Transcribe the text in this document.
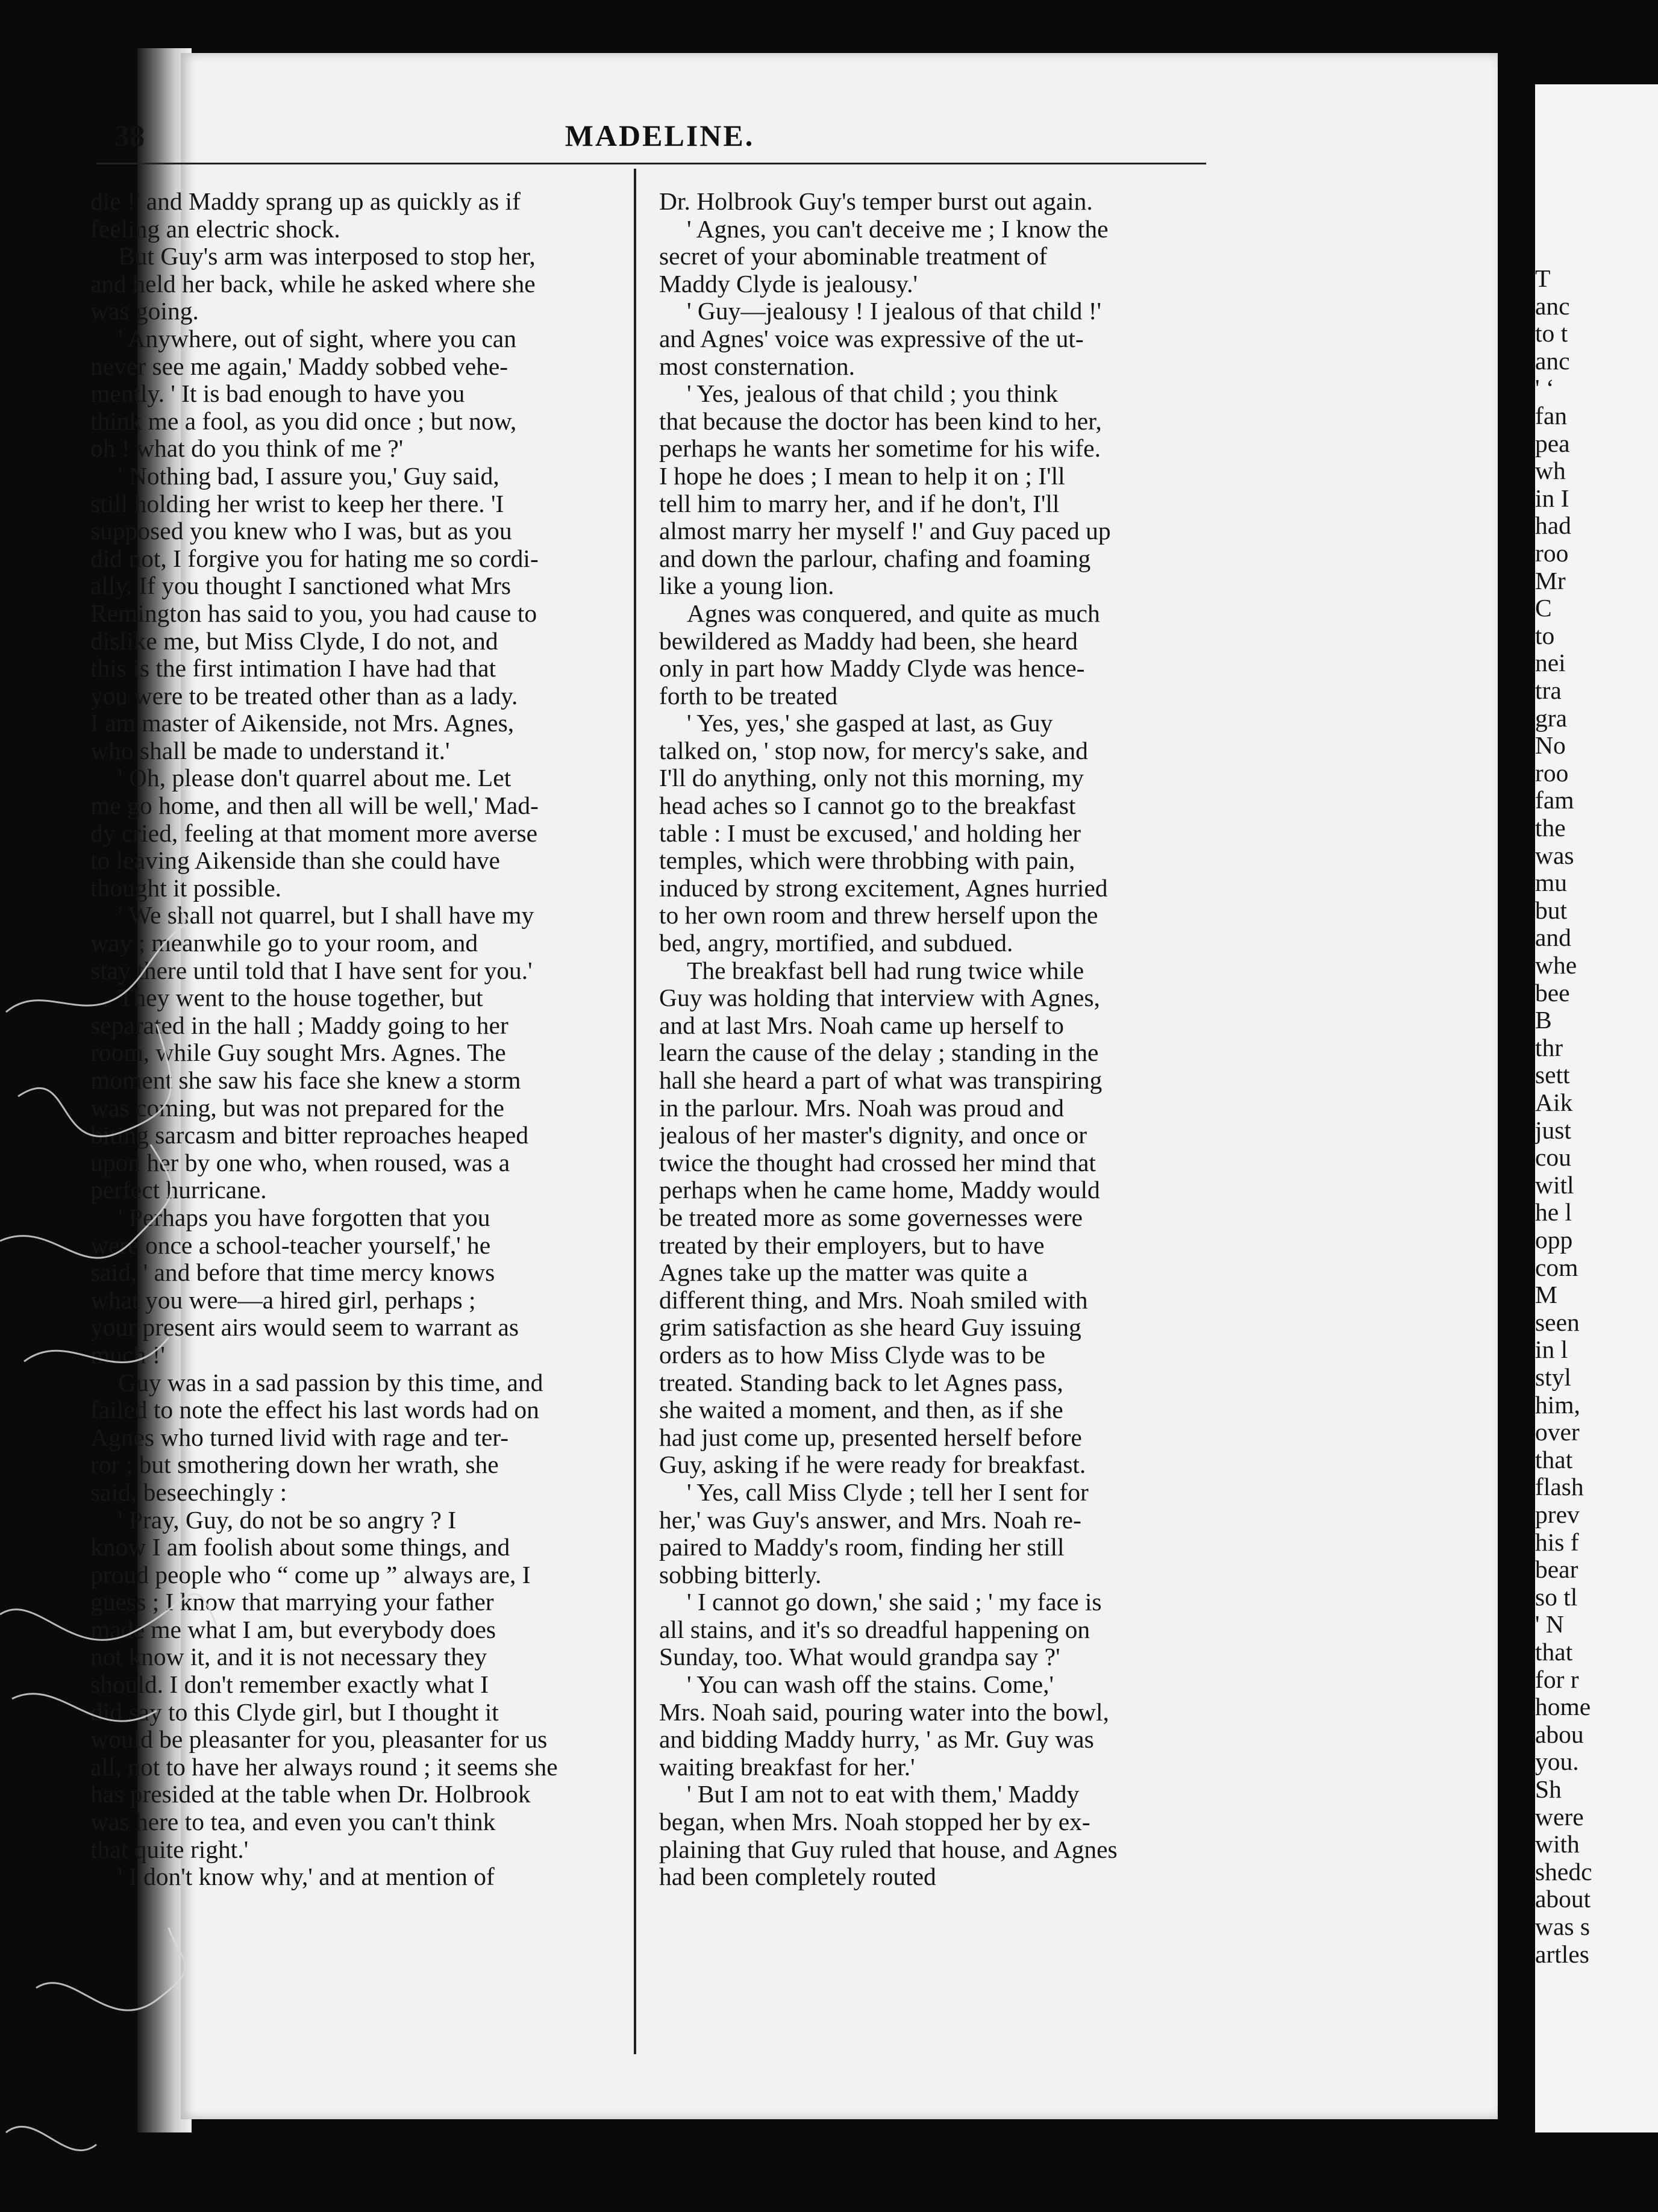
T
anc
to t
anc
' ‘
fan
pea
wh
in I
had
roo
Mr
C
to
nei
tra
gra
No
roo
fam
the
was
mu
but
and
whe
bee
B
thr
sett
Aik
just
cou
witl
he l
opp
com
M
seen
in l
styl
him,
over
that
flash
prev
his f
bear
so tl
' N
that
for r
home
abou
you.
Sh
were
with
shedc
about
was s
artles
38	MADELINE.
die !' and Maddy sprang up as quickly as if
feeling an electric shock.
But Guy's arm was interposed to stop her,
and held her back, while he asked where she
was going.
' Anywhere, out of sight, where you can
never see me again,' Maddy sobbed vehe-
mently. ' It is bad enough to have you
think me a fool, as you did once ; but now,
oh ! what do you think of me ?'
' Nothing bad, I assure you,' Guy said,
still holding her wrist to keep her there. 'I
supposed you knew who I was, but as you
did not, I forgive you for hating me so cordi-
ally. If you thought I sanctioned what Mrs
Remington has said to you, you had cause to
dislike me, but Miss Clyde, I do not, and
this is the first intimation I have had that
you were to be treated other than as a lady.
I am master of Aikenside, not Mrs. Agnes,
who shall be made to understand it.'
' Oh, please don't quarrel about me. Let
me go home, and then all will be well,' Mad-
dy cried, feeling at that moment more averse
to leaving Aikenside than she could have
thought it possible.
' We shall not quarrel, but I shall have my
way ; meanwhile go to your room, and
stay there until told that I have sent for you.'
They went to the house together, but
separated in the hall ; Maddy going to her
room, while Guy sought Mrs. Agnes. The
moment she saw his face she knew a storm
was coming, but was not prepared for the
biting sarcasm and bitter reproaches heaped
upon her by one who, when roused, was a
perfect hurricane.
' Perhaps you have forgotten that you
were once a school-teacher yourself,' he
said, ' and before that time mercy knows
what you were—a hired girl, perhaps ;
your present airs would seem to warrant as
much !'
Guy was in a sad passion by this time, and
failed to note the effect his last words had on
Agnes who turned livid with rage and ter-
ror ; but smothering down her wrath, she
said, beseechingly :
' Pray, Guy, do not be so angry ? I
know I am foolish about some things, and
proud people who “ come up ” always are, I
guess ; I know that marrying your father
made me what I am, but everybody does
not know it, and it is not necessary they
should. I don't remember exactly what I
did say to this Clyde girl, but I thought it
would be pleasanter for you, pleasanter for us
all, not to have her always round ; it seems she
has presided at the table when Dr. Holbrook
was here to tea, and even you can't think
that quite right.'
' I don't know why,' and at mention of
Dr. Holbrook Guy's temper burst out again.
' Agnes, you can't deceive me ; I know the
secret of your abominable treatment of
Maddy Clyde is jealousy.'
' Guy—jealousy ! I jealous of that child !'
and Agnes' voice was expressive of the ut-
most consternation.
' Yes, jealous of that child ; you think
that because the doctor has been kind to her,
perhaps he wants her sometime for his wife.
I hope he does ; I mean to help it on ; I'll
tell him to marry her, and if he don't, I'll
almost marry her myself !' and Guy paced up
and down the parlour, chafing and foaming
like a young lion.
Agnes was conquered, and quite as much
bewildered as Maddy had been, she heard
only in part how Maddy Clyde was hence-
forth to be treated
' Yes, yes,' she gasped at last, as Guy
talked on, ' stop now, for mercy's sake, and
I'll do anything, only not this morning, my
head aches so I cannot go to the breakfast
table : I must be excused,' and holding her
temples, which were throbbing with pain,
induced by strong excitement, Agnes hurried
to her own room and threw herself upon the
bed, angry, mortified, and subdued.
The breakfast bell had rung twice while
Guy was holding that interview with Agnes,
and at last Mrs. Noah came up herself to
learn the cause of the delay ; standing in the
hall she heard a part of what was transpiring
in the parlour. Mrs. Noah was proud and
jealous of her master's dignity, and once or
twice the thought had crossed her mind that
perhaps when he came home, Maddy would
be treated more as some governesses were
treated by their employers, but to have
Agnes take up the matter was quite a
different thing, and Mrs. Noah smiled with
grim satisfaction as she heard Guy issuing
orders as to how Miss Clyde was to be
treated. Standing back to let Agnes pass,
she waited a moment, and then, as if she
had just come up, presented herself before
Guy, asking if he were ready for breakfast.
' Yes, call Miss Clyde ; tell her I sent for
her,' was Guy's answer, and Mrs. Noah re-
paired to Maddy's room, finding her still
sobbing bitterly.
' I cannot go down,' she said ; ' my face is
all stains, and it's so dreadful happening on
Sunday, too. What would grandpa say ?'
' You can wash off the stains. Come,'
Mrs. Noah said, pouring water into the bowl,
and bidding Maddy hurry, ' as Mr. Guy was
waiting breakfast for her.'
' But I am not to eat with them,' Maddy
began, when Mrs. Noah stopped her by ex-
plaining that Guy ruled that house, and Agnes
had been completely routed
